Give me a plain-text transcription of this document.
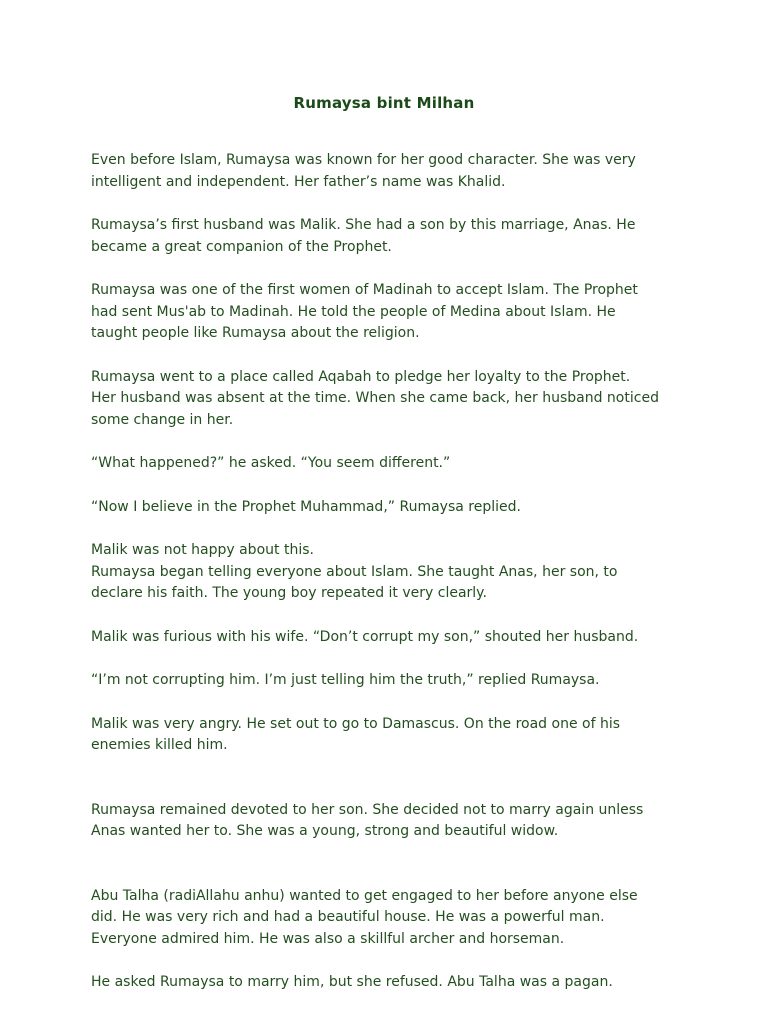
Rumaysa bint Milhan

Even before Islam, Rumaysa was known for her good character. She was very
intelligent and independent. Her father’s name was Khalid.

Rumaysa’s first husband was Malik. She had a son by this marriage, Anas. He
became a great companion of the Prophet.

Rumaysa was one of the first women of Madinah to accept Islam. The Prophet
had sent Mus'ab to Madinah. He told the people of Medina about Islam. He
taught people like Rumaysa about the religion.

Rumaysa went to a place called Aqabah to pledge her loyalty to the Prophet.
Her husband was absent at the time. When she came back, her husband noticed
some change in her.

“What happened?” he asked. “You seem different.”

“Now I believe in the Prophet Muhammad,” Rumaysa replied.

Malik was not happy about this.

Rumaysa began telling everyone about Islam. She taught Anas, her son, to
declare his faith. The young boy repeated it very clearly.

Malik was furious with his wife. “Don’t corrupt my son,” shouted her husband.

“I’m not corrupting him. I’m just telling him the truth,” replied Rumaysa.

Malik was very angry. He set out to go to Damascus. On the road one of his
enemies killed him.

Rumaysa remained devoted to her son. She decided not to marry again unless
Anas wanted her to. She was a young, strong and beautiful widow.

Abu Talha (radiAllahu anhu) wanted to get engaged to her before anyone else
did. He was very rich and had a beautiful house. He was a powerful man.
Everyone admired him. He was also a skillful archer and horseman.

He asked Rumaysa to marry him, but she refused. Abu Talha was a pagan.
